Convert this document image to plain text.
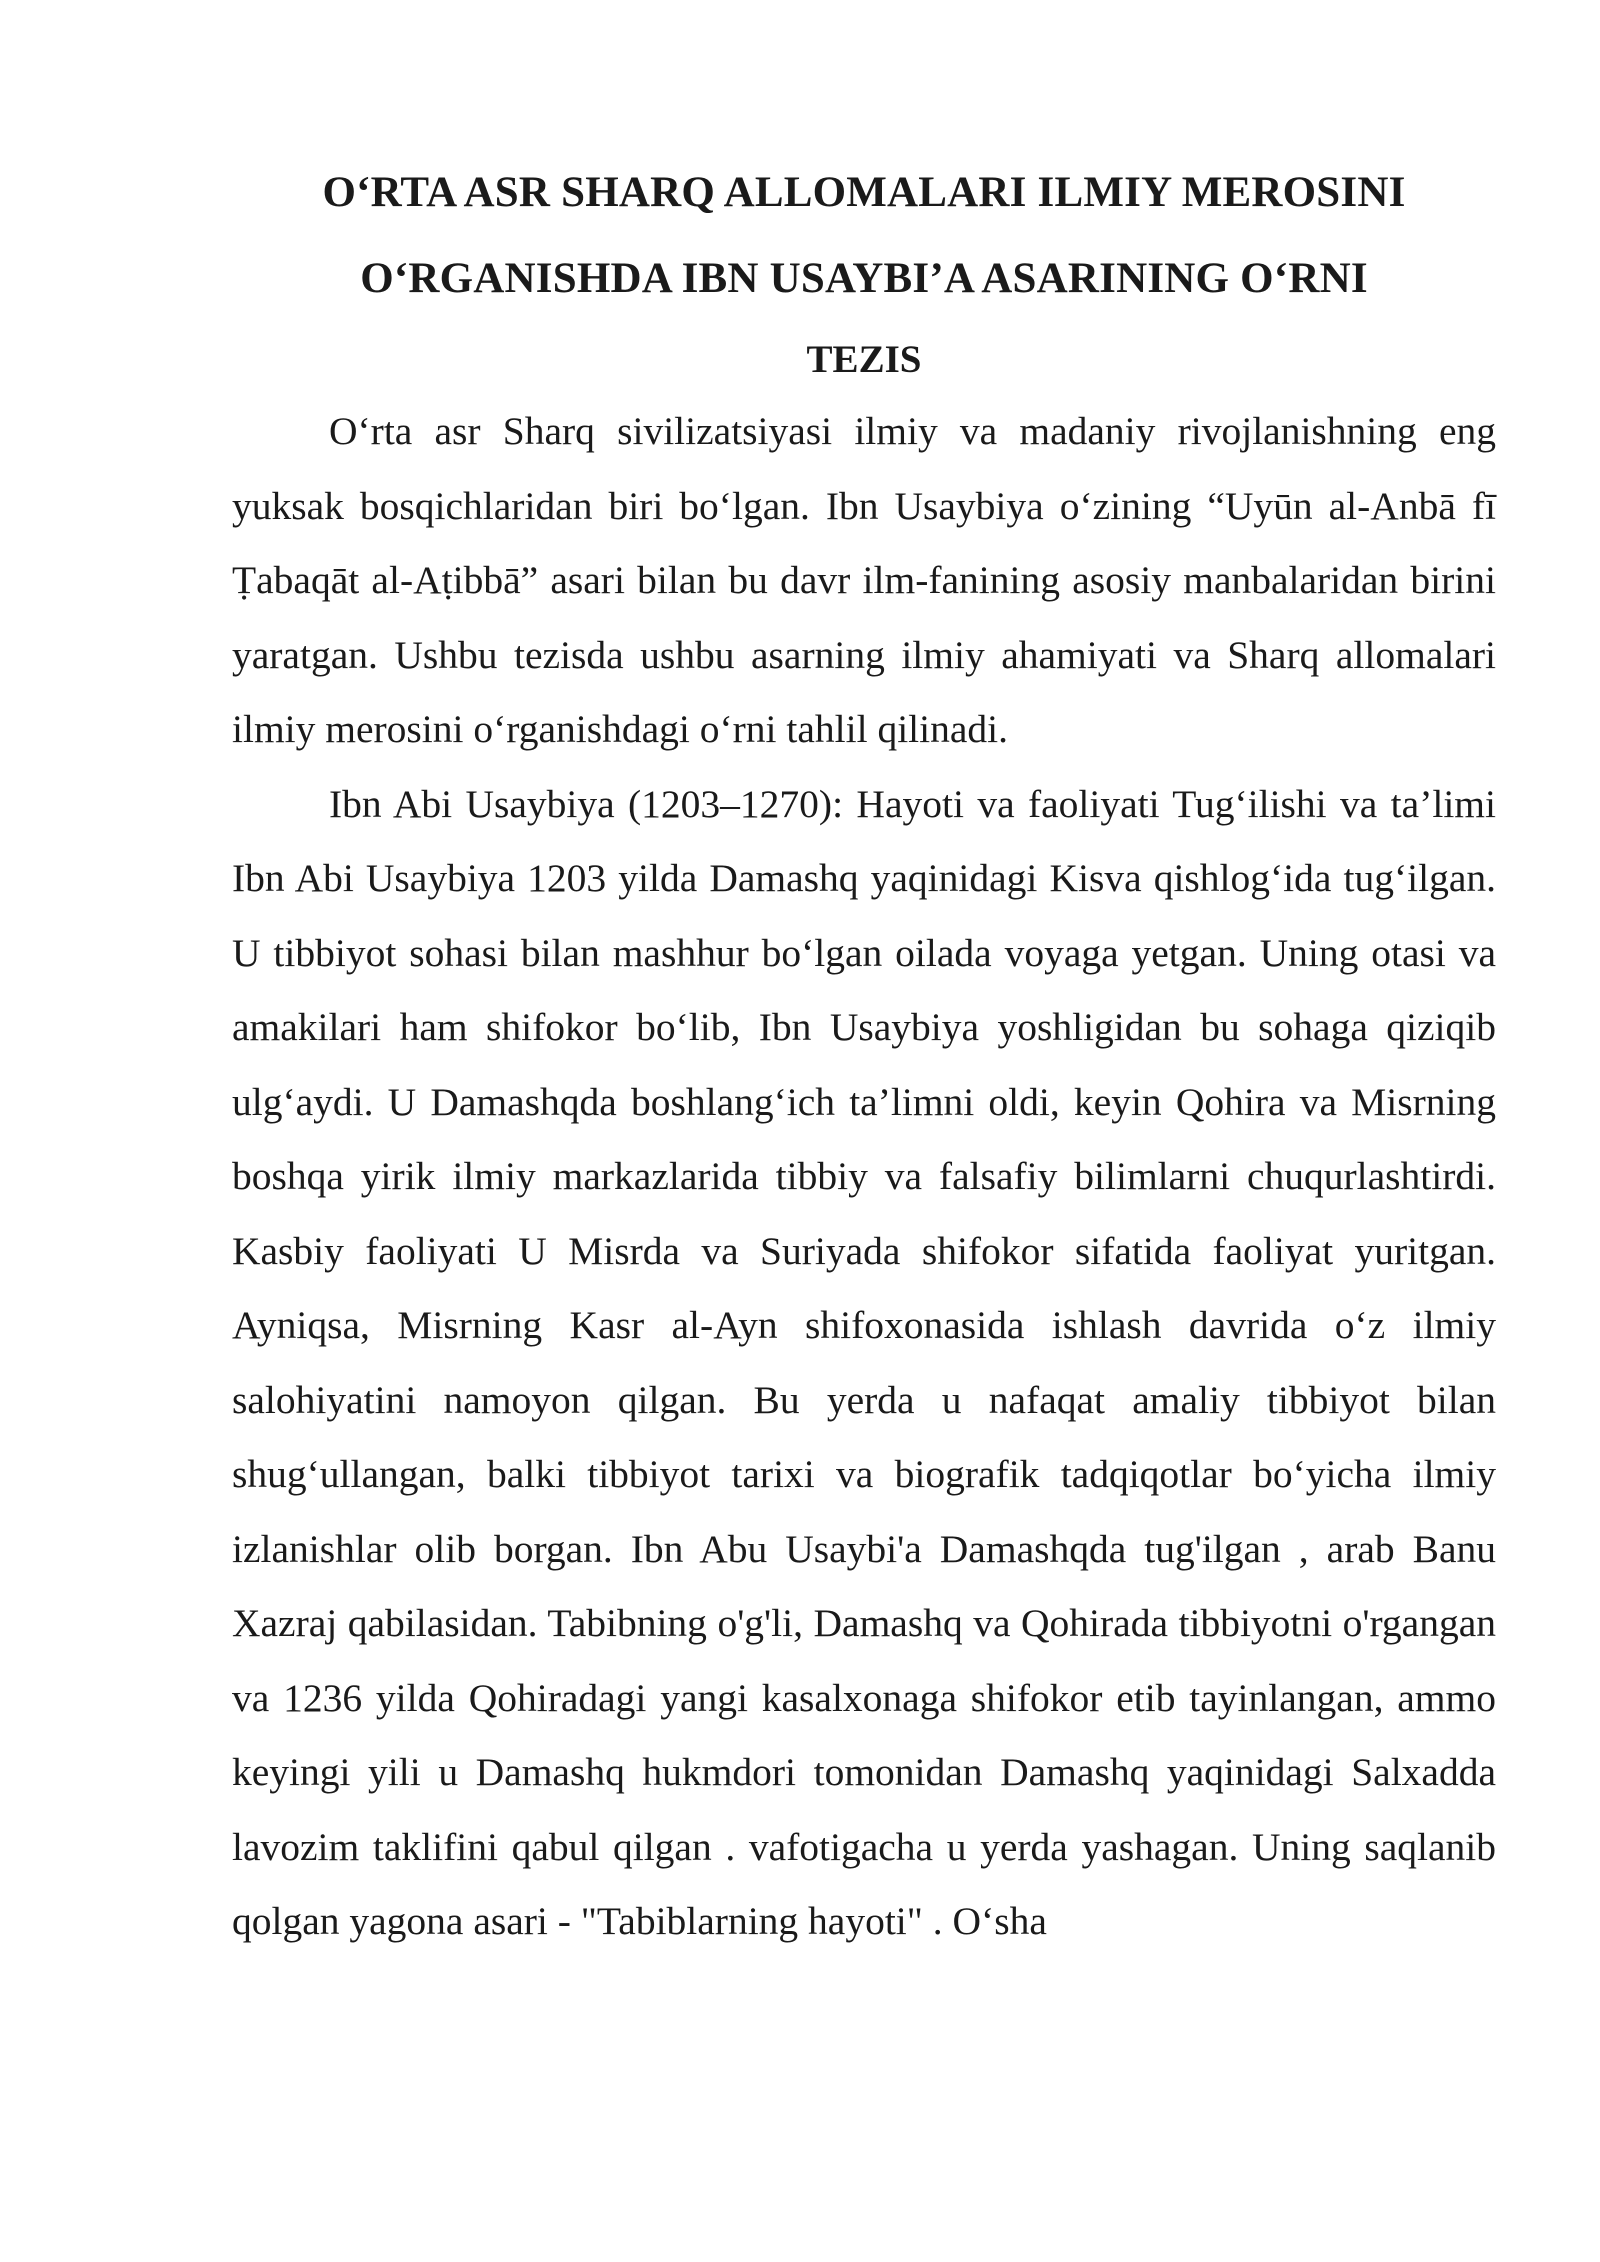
O‘RTA ASR SHARQ ALLOMALARI ILMIY MEROSINI
O‘RGANISHDA IBN USAYBI’A ASARINING O‘RNI
TEZIS

O‘rta asr Sharq sivilizatsiyasi ilmiy va madaniy rivojlanishning eng yuksak bosqichlaridan biri bo‘lgan. Ibn Usaybiya o‘zining “Uyūn al-Anbā fī Ṭabaqāt al-Aṭibbā” asari bilan bu davr ilm-fanining asosiy manbalaridan birini yaratgan. Ushbu tezisda ushbu asarning ilmiy ahamiyati va Sharq allomalari ilmiy merosini o‘rganishdagi o‘rni tahlil qilinadi.

Ibn Abi Usaybiya (1203–1270): Hayoti va faoliyati Tug‘ilishi va ta’limi Ibn Abi Usaybiya 1203 yilda Damashq yaqinidagi Kisva qishlog‘ida tug‘ilgan. U tibbiyot sohasi bilan mashhur bo‘lgan oilada voyaga yetgan. Uning otasi va amakilari ham shifokor bo‘lib, Ibn Usaybiya yoshligidan bu sohaga qiziqib ulg‘aydi. U Damashqda boshlang‘ich ta’limni oldi, keyin Qohira va Misrning boshqa yirik ilmiy markazlarida tibbiy va falsafiy bilimlarni chuqurlashtirdi. Kasbiy faoliyati U Misrda va Suriyada shifokor sifatida faoliyat yuritgan. Ayniqsa, Misrning Kasr al-Ayn shifoxonasida ishlash davrida o‘z ilmiy salohiyatini namoyon qilgan. Bu yerda u nafaqat amaliy tibbiyot bilan shug‘ullangan, balki tibbiyot tarixi va biografik tadqiqotlar bo‘yicha ilmiy izlanishlar olib borgan. Ibn Abu Usaybi'a Damashqda tug'ilgan , arab Banu Xazraj qabilasidan. Tabibning o'g'li, Damashq va Qohirada tibbiyotni o'rgangan va 1236 yilda Qohiradagi yangi kasalxonaga shifokor etib tayinlangan, ammo keyingi yili u Damashq hukmdori tomonidan Damashq yaqinidagi Salxadda lavozim taklifini qabul qilgan . vafotigacha u yerda yashagan. Uning saqlanib qolgan yagona asari - "Tabiblarning hayoti" . O‘sha
